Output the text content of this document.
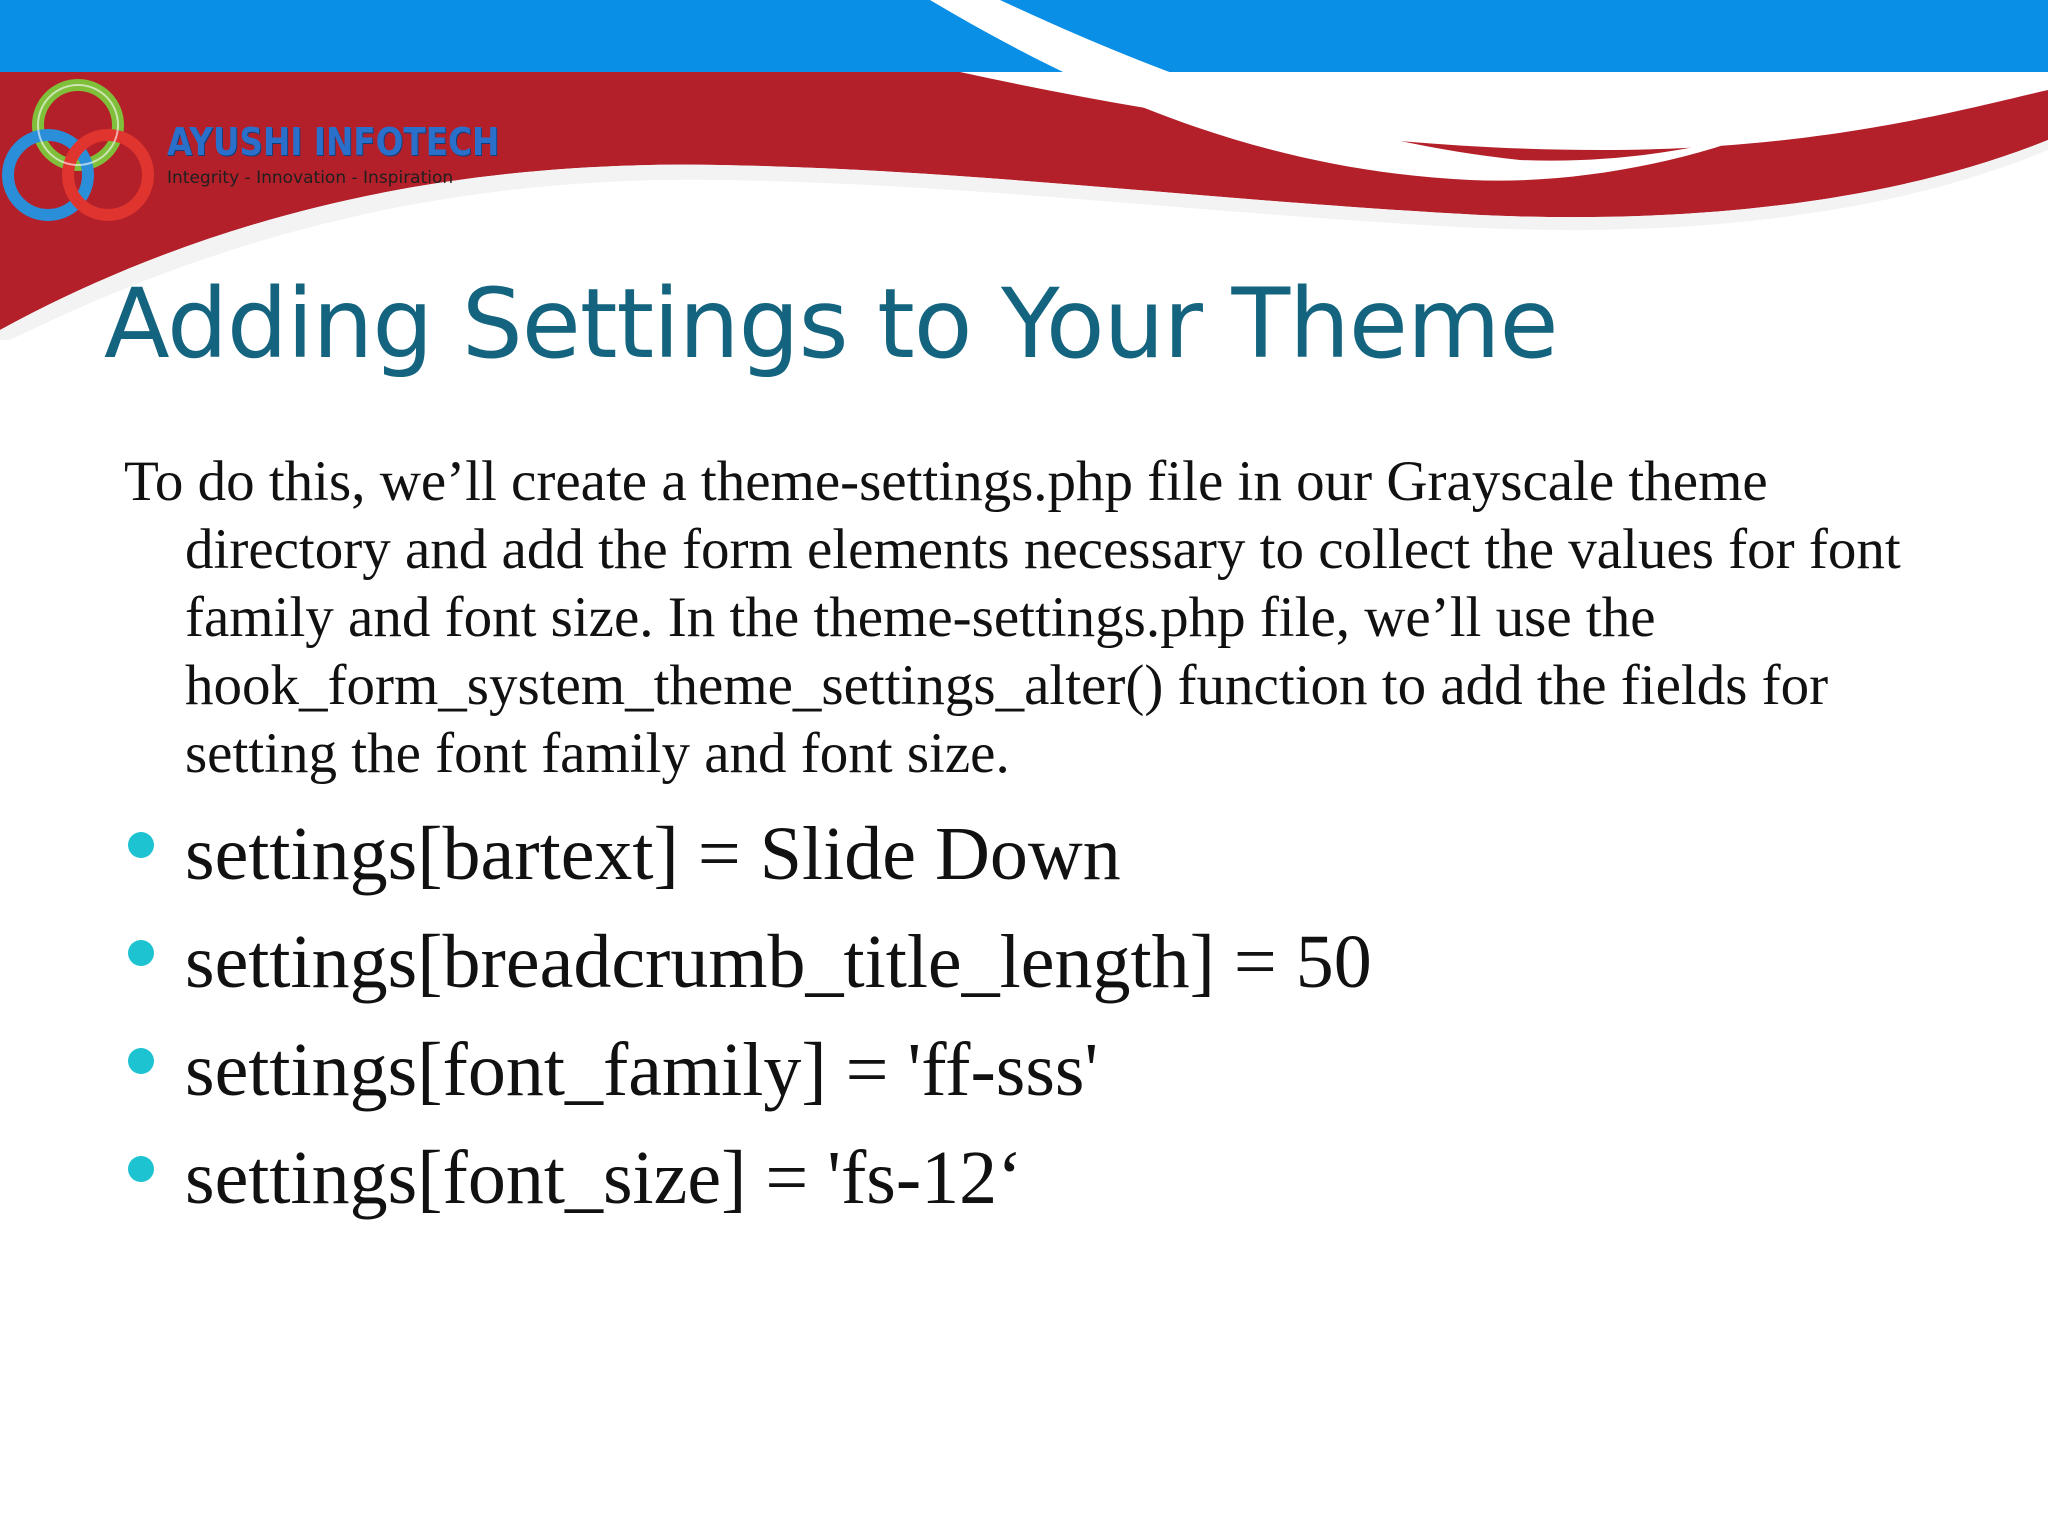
AYUSHI INFOTECH
Integrity - Innovation - Inspiration
Adding Settings to Your Theme

To do this, we’ll create a theme-settings.php file in our Grayscale theme directory and add the form elements necessary to collect the values for font family and font size. In the theme-settings.php file, we’ll use the hook_form_system_theme_settings_alter() function to add the fields for setting the font family and font size.

settings[bartext] = Slide Down
settings[breadcrumb_title_length] = 50
settings[font_family] = 'ff-sss'
settings[font_size] = 'fs-12‘
